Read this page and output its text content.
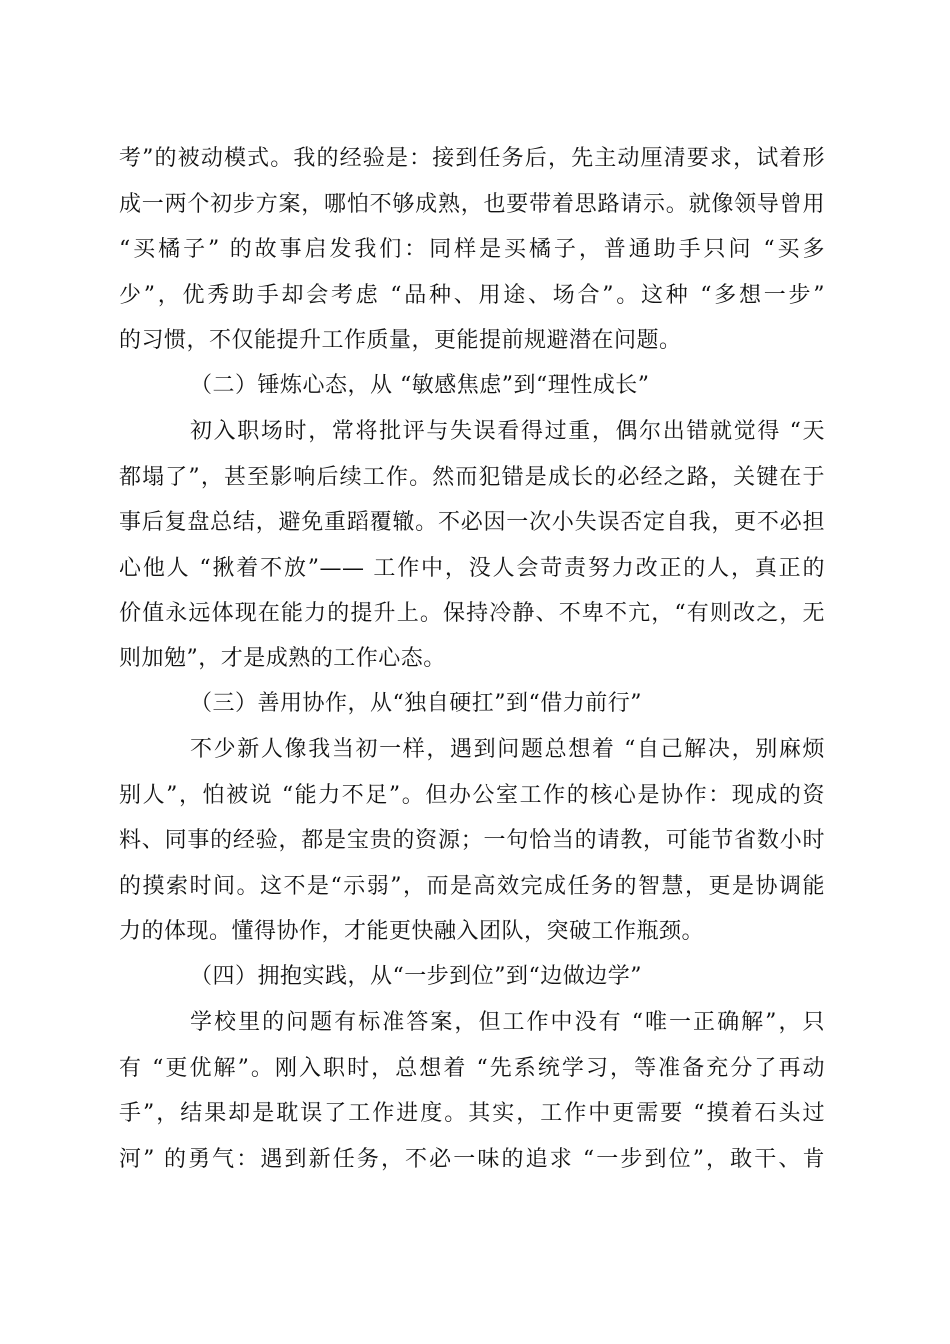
考”的被动模式。我的经验是：接到任务后，先主动厘清要求，试着形
成一两个初步方案，哪怕不够成熟，也要带着思路请示。就像领导曾用
“买橘子” 的故事启发我们：同样是买橘子，普通助手只问 “买多
少”，优秀助手却会考虑 “品种、用途、场合”。这种 “多想一步”
的习惯，不仅能提升工作质量，更能提前规避潜在问题。
（二）锤炼心态，从 “敏感焦虑”到“理性成长”
初入职场时，常将批评与失误看得过重，偶尔出错就觉得 “天
都塌了”，甚至影响后续工作。然而犯错是成长的必经之路，关键在于
事后复盘总结，避免重蹈覆辙。不必因一次小失误否定自我，更不必担
心他人 “揪着不放”—— 工作中，没人会苛责努力改正的人，真正的
价值永远体现在能力的提升上。保持冷静、不卑不亢，“有则改之，无
则加勉”，才是成熟的工作心态。
（三）善用协作，从“独自硬扛”到“借力前行”
不少新人像我当初一样，遇到问题总想着 “自己解决，别麻烦
别人”，怕被说 “能力不足”。但办公室工作的核心是协作：现成的资
料、同事的经验，都是宝贵的资源；一句恰当的请教，可能节省数小时
的摸索时间。这不是“示弱”，而是高效完成任务的智慧，更是协调能
力的体现。懂得协作，才能更快融入团队，突破工作瓶颈。
（四）拥抱实践，从“一步到位”到“边做边学”
学校里的问题有标准答案，但工作中没有 “唯一正确解”，只
有 “更优解”。刚入职时，总想着 “先系统学习，等准备充分了再动
手”，结果却是耽误了工作进度。其实，工作中更需要 “摸着石头过
河” 的勇气：遇到新任务，不必一味的追求 “一步到位”，敢干、肯
